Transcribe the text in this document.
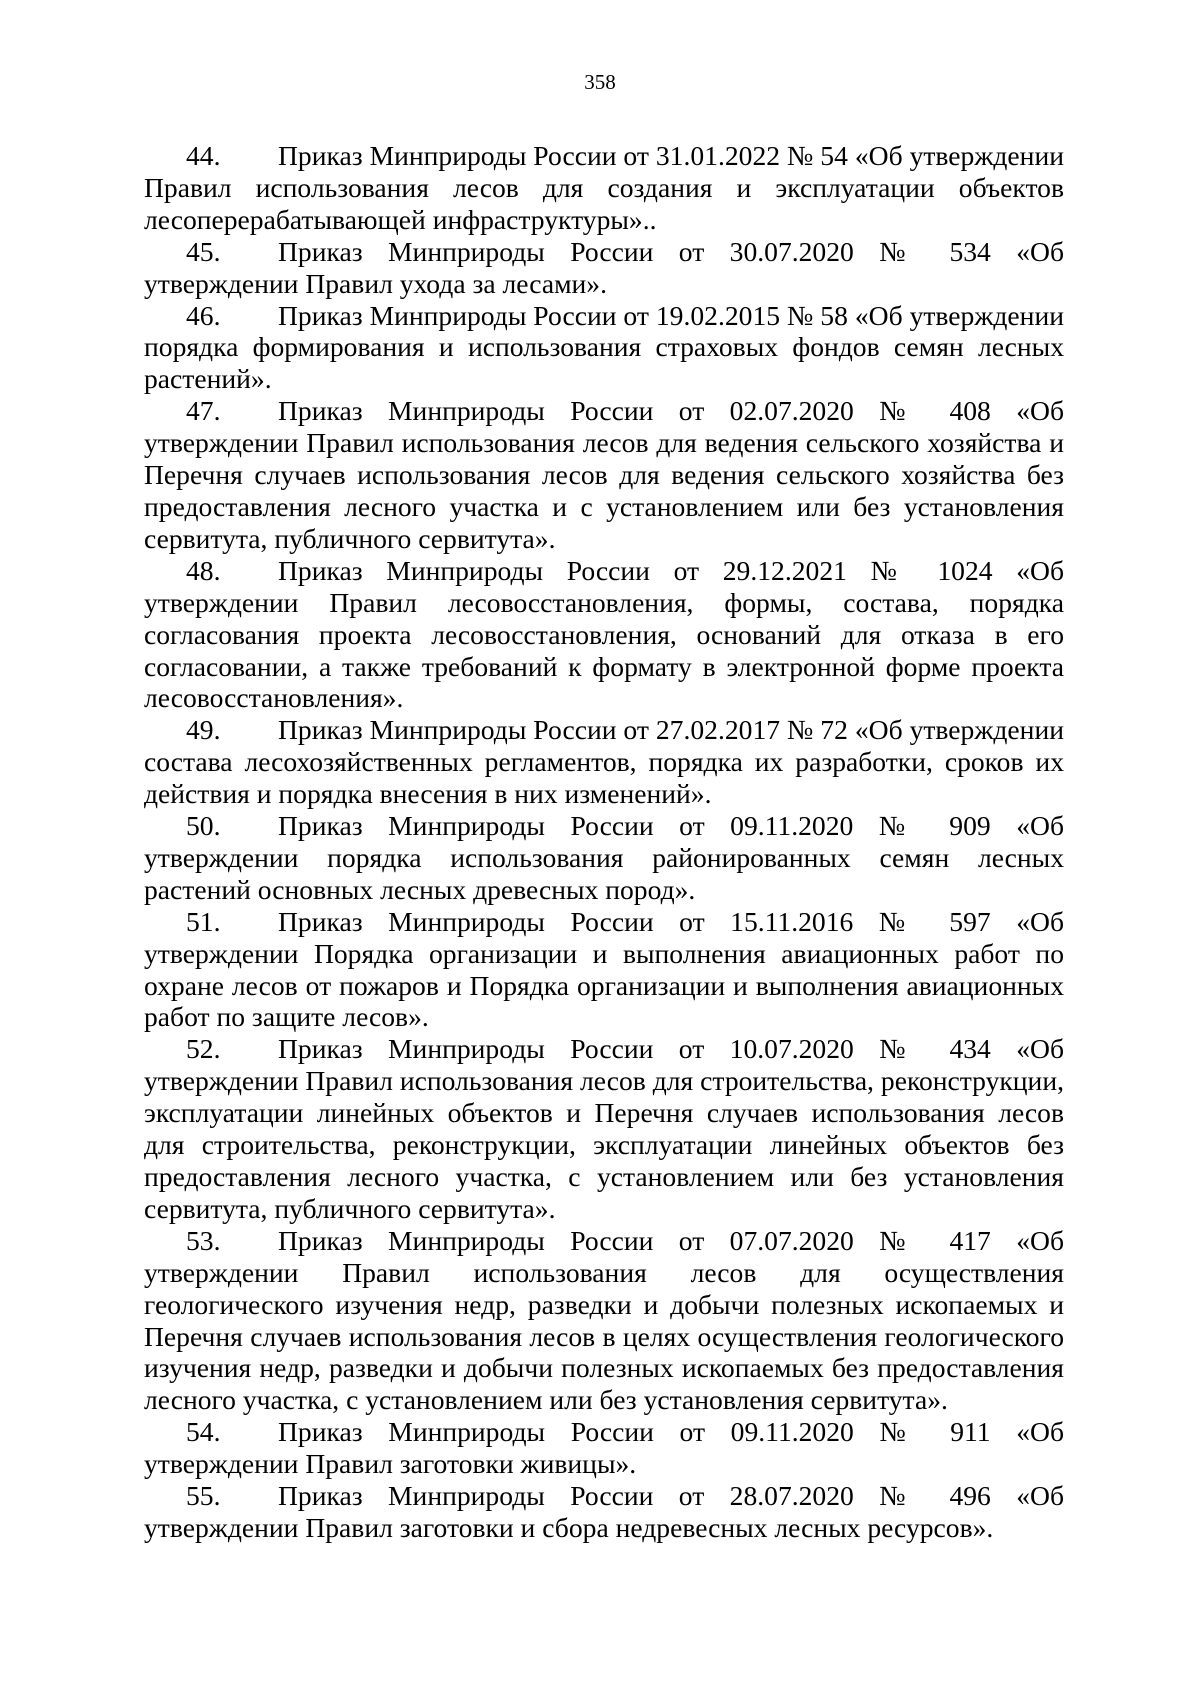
358

44. Приказ Минприроды России от 31.01.2022 № 54 «Об утверждении Правил использования лесов для создания и эксплуатации объектов лесоперерабатывающей инфраструктуры»..

45. Приказ Минприроды России от 30.07.2020 № 534 «Об утверждении Правил ухода за лесами».

46. Приказ Минприроды России от 19.02.2015 № 58 «Об утверждении порядка формирования и использования страховых фондов семян лесных растений».

47. Приказ Минприроды России от 02.07.2020 № 408 «Об утверждении Правил использования лесов для ведения сельского хозяйства и Перечня случаев использования лесов для ведения сельского хозяйства без предоставления лесного участка и с установлением или без установления сервитута, публичного сервитута».

48. Приказ Минприроды России от 29.12.2021 № 1024 «Об утверждении Правил лесовосстановления, формы, состава, порядка согласования проекта лесовосстановления, оснований для отказа в его согласовании, а также требований к формату в электронной форме проекта лесовосстановления».

49. Приказ Минприроды России от 27.02.2017 № 72 «Об утверждении состава лесохозяйственных регламентов, порядка их разработки, сроков их действия и порядка внесения в них изменений».

50. Приказ Минприроды России от 09.11.2020 № 909 «Об утверждении порядка использования районированных семян лесных растений основных лесных древесных пород».

51. Приказ Минприроды России от 15.11.2016 № 597 «Об утверждении Порядка организации и выполнения авиационных работ по охране лесов от пожаров и Порядка организации и выполнения авиационных работ по защите лесов».

52. Приказ Минприроды России от 10.07.2020 № 434 «Об утверждении Правил использования лесов для строительства, реконструкции, эксплуатации линейных объектов и Перечня случаев использования лесов для строительства, реконструкции, эксплуатации линейных объектов без предоставления лесного участка, с установлением или без установления сервитута, публичного сервитута».

53. Приказ Минприроды России от 07.07.2020 № 417 «Об утверждении Правил использования лесов для осуществления геологического изучения недр, разведки и добычи полезных ископаемых и Перечня случаев использования лесов в целях осуществления геологического изучения недр, разведки и добычи полезных ископаемых без предоставления лесного участка, с установлением или без установления сервитута».

54. Приказ Минприроды России от 09.11.2020 № 911 «Об утверждении Правил заготовки живицы».

55. Приказ Минприроды России от 28.07.2020 № 496 «Об утверждении Правил заготовки и сбора недревесных лесных ресурсов».
